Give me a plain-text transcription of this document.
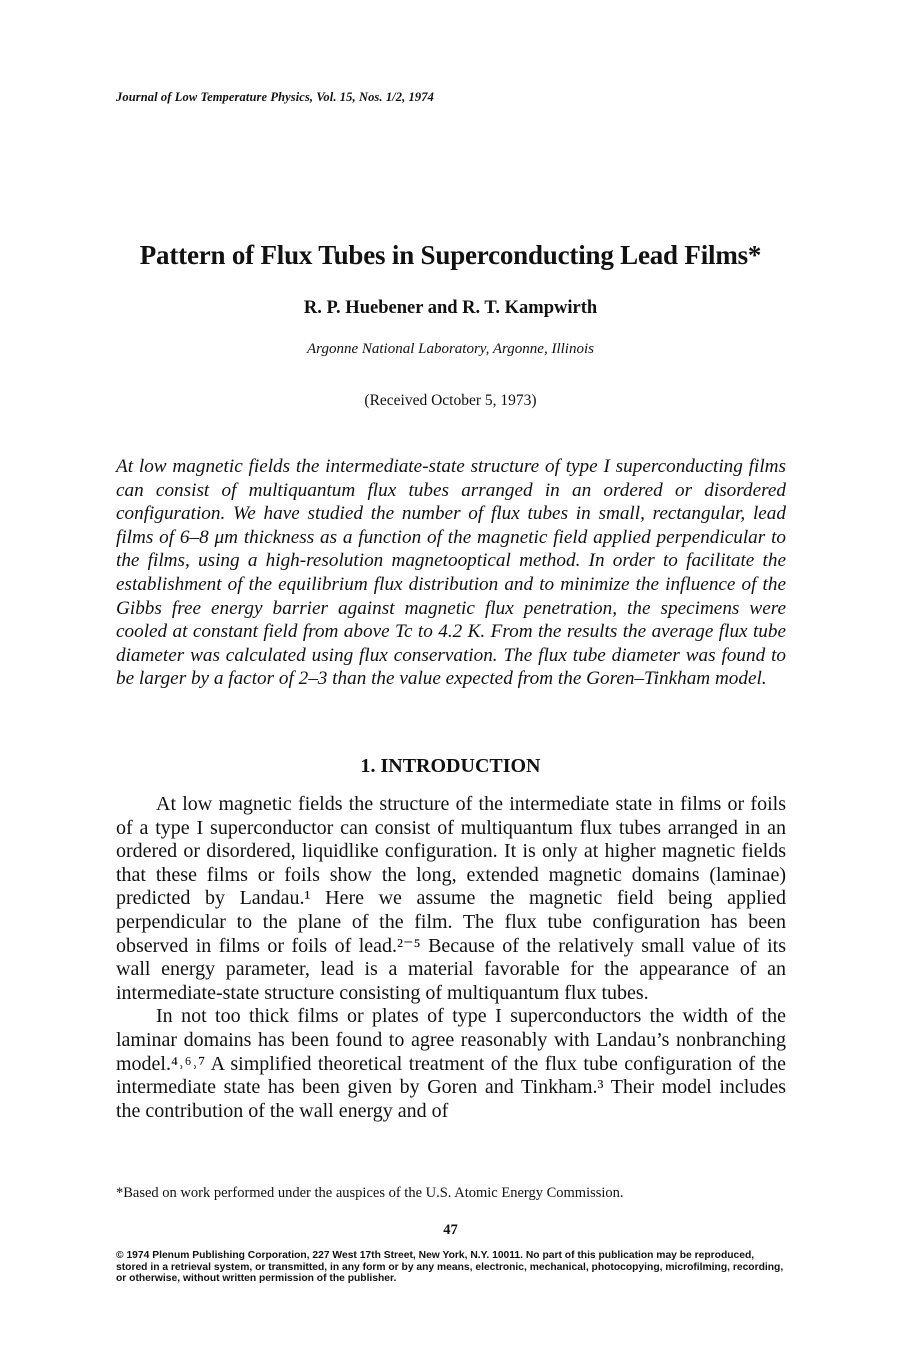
Journal of Low Temperature Physics, Vol. 15, Nos. 1/2, 1974
Pattern of Flux Tubes in Superconducting Lead Films*
R. P. Huebener and R. T. Kampwirth
Argonne National Laboratory, Argonne, Illinois
(Received October 5, 1973)
At low magnetic fields the intermediate-state structure of type I superconducting films can consist of multiquantum flux tubes arranged in an ordered or disordered configuration. We have studied the number of flux tubes in small, rectangular, lead films of 6–8 μm thickness as a function of the magnetic field applied perpendicular to the films, using a high-resolution magnetooptical method. In order to facilitate the establishment of the equilibrium flux distribution and to minimize the influence of the Gibbs free energy barrier against magnetic flux penetration, the specimens were cooled at constant field from above Tc to 4.2 K. From the results the average flux tube diameter was calculated using flux conservation. The flux tube diameter was found to be larger by a factor of 2–3 than the value expected from the Goren–Tinkham model.
1. INTRODUCTION

At low magnetic fields the structure of the intermediate state in films or foils of a type I superconductor can consist of multiquantum flux tubes arranged in an ordered or disordered, liquidlike configuration. It is only at higher magnetic fields that these films or foils show the long, extended magnetic domains (laminae) predicted by Landau.¹ Here we assume the magnetic field being applied perpendicular to the plane of the film. The flux tube configuration has been observed in films or foils of lead.²⁻⁵ Because of the relatively small value of its wall energy parameter, lead is a material favorable for the appearance of an intermediate-state structure consisting of multiquantum flux tubes.

In not too thick films or plates of type I superconductors the width of the laminar domains has been found to agree reasonably with Landau’s nonbranching model.⁴˒⁶˒⁷ A simplified theoretical treatment of the flux tube configuration of the intermediate state has been given by Goren and Tinkham.³ Their model includes the contribution of the wall energy and of

*Based on work performed under the auspices of the U.S. Atomic Energy Commission.
47
© 1974 Plenum Publishing Corporation, 227 West 17th Street, New York, N.Y. 10011. No part of this publication may be reproduced, stored in a retrieval system, or transmitted, in any form or by any means, electronic, mechanical, photocopying, microfilming, recording, or otherwise, without written permission of the publisher.
